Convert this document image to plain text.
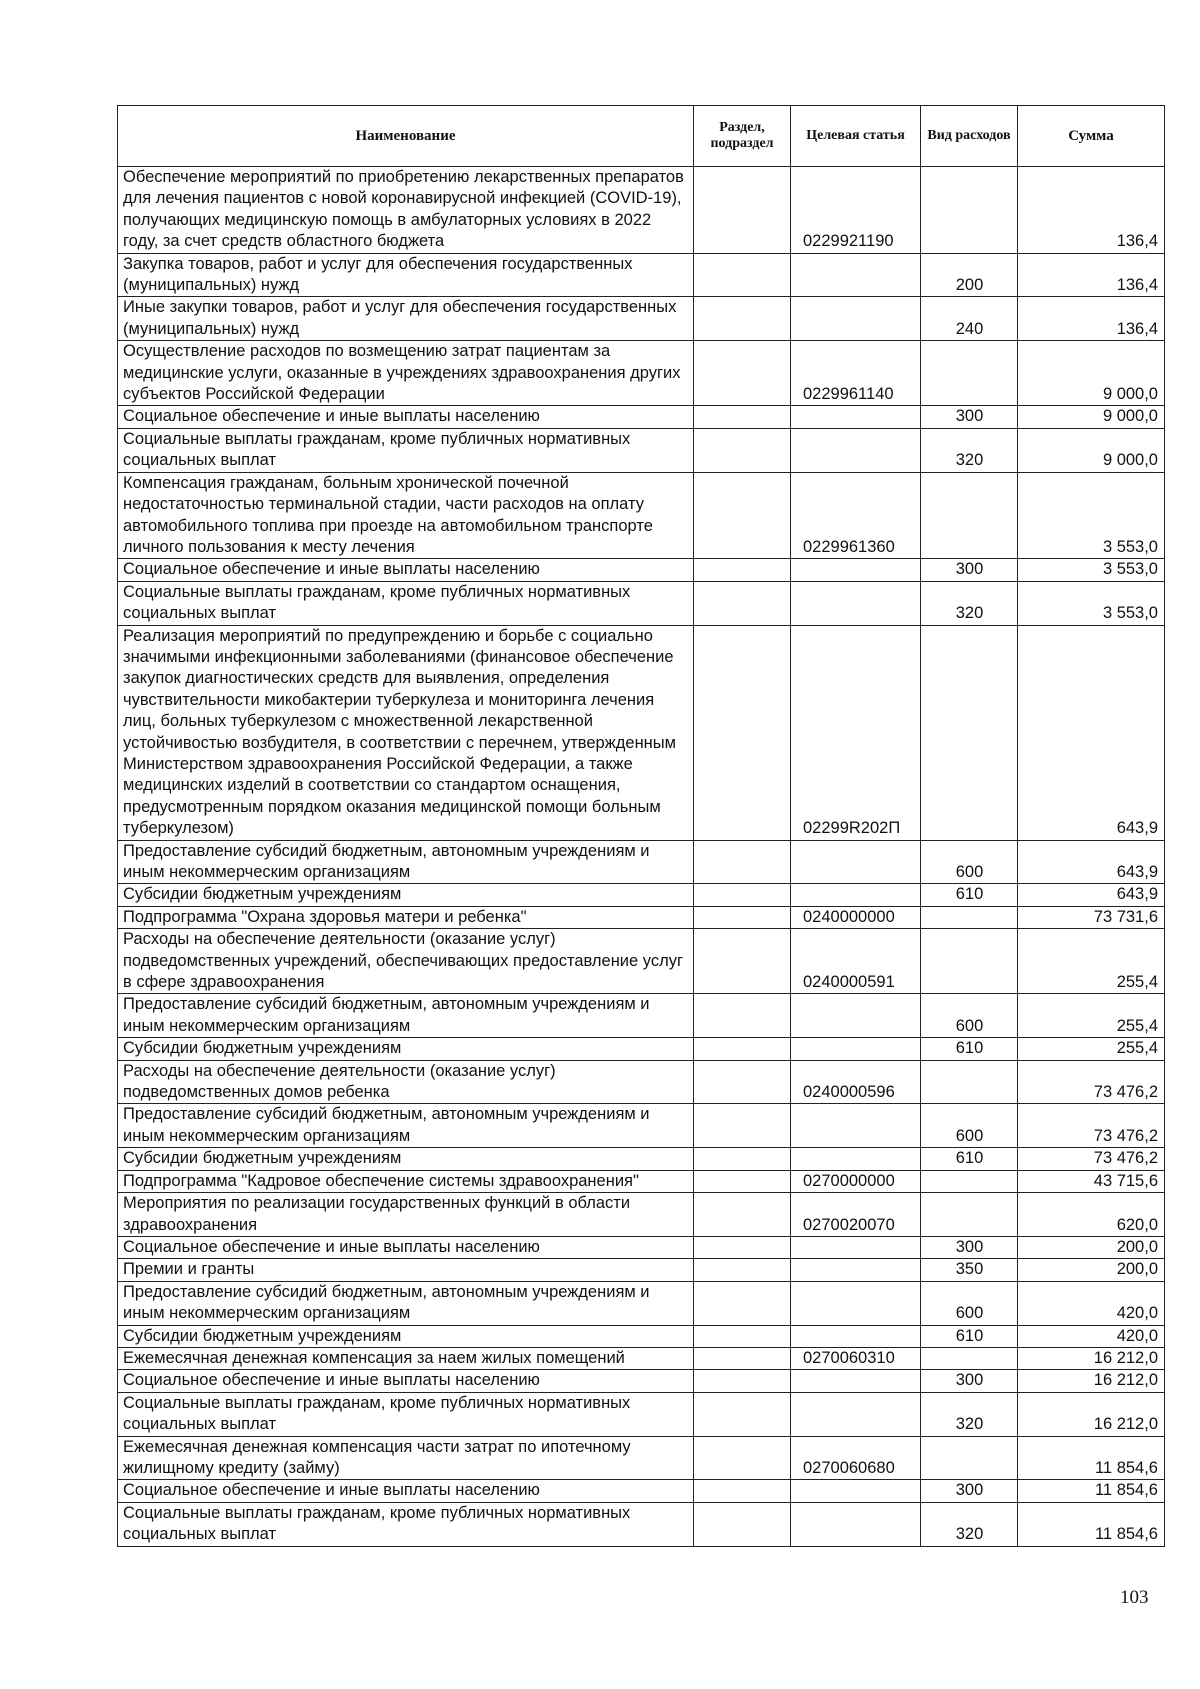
Наименование	Раздел, подраздел	Целевая статья	Вид расходов	Сумма
Обеспечение мероприятий по приобретению лекарственных препаратов для лечения пациентов с новой коронавирусной инфекцией (COVID-19), получающих медицинскую помощь в амбулаторных условиях в 2022 году, за счет средств областного бюджета		0229921190		136,4
Закупка товаров, работ и услуг для обеспечения государственных (муниципальных) нужд			200	136,4
Иные закупки товаров, работ и услуг для обеспечения государственных (муниципальных) нужд			240	136,4
Осуществление расходов по возмещению затрат пациентам за медицинские услуги, оказанные в учреждениях здравоохранения других субъектов Российской Федерации		0229961140		9 000,0
Социальное обеспечение и иные выплаты населению			300	9 000,0
Социальные выплаты гражданам, кроме публичных нормативных социальных выплат			320	9 000,0
Компенсация гражданам, больным хронической почечной недостаточностью терминальной стадии, части расходов на оплату автомобильного топлива при проезде на автомобильном транспорте личного пользования к месту лечения		0229961360		3 553,0
Социальное обеспечение и иные выплаты населению			300	3 553,0
Социальные выплаты гражданам, кроме публичных нормативных социальных выплат			320	3 553,0
Реализация мероприятий по предупреждению и борьбе с социально значимыми инфекционными заболеваниями (финансовое обеспечение закупок диагностических средств для выявления, определения чувствительности микобактерии туберкулеза и мониторинга лечения лиц, больных туберкулезом с множественной лекарственной устойчивостью возбудителя, в соответствии с перечнем, утвержденным Министерством здравоохранения Российской Федерации, а также медицинских изделий в соответствии со стандартом оснащения, предусмотренным порядком оказания медицинской помощи больным туберкулезом)		02299R202П		643,9
Предоставление субсидий бюджетным, автономным учреждениям и иным некоммерческим организациям			600	643,9
Субсидии бюджетным учреждениям			610	643,9
Подпрограмма "Охрана здоровья матери и ребенка"		0240000000		73 731,6
Расходы на обеспечение деятельности (оказание услуг) подведомственных учреждений, обеспечивающих предоставление услуг в сфере здравоохранения		0240000591		255,4
Предоставление субсидий бюджетным, автономным учреждениям и иным некоммерческим организациям			600	255,4
Субсидии бюджетным учреждениям			610	255,4
Расходы на обеспечение деятельности (оказание услуг) подведомственных домов ребенка		0240000596		73 476,2
Предоставление субсидий бюджетным, автономным учреждениям и иным некоммерческим организациям			600	73 476,2
Субсидии бюджетным учреждениям			610	73 476,2
Подпрограмма "Кадровое обеспечение системы здравоохранения"		0270000000		43 715,6
Мероприятия по реализации государственных функций в области здравоохранения		0270020070		620,0
Социальное обеспечение и иные выплаты населению			300	200,0
Премии и гранты			350	200,0
Предоставление субсидий бюджетным, автономным учреждениям и иным некоммерческим организациям			600	420,0
Субсидии бюджетным учреждениям			610	420,0
Ежемесячная денежная компенсация за наем жилых помещений		0270060310		16 212,0
Социальное обеспечение и иные выплаты населению			300	16 212,0
Социальные выплаты гражданам, кроме публичных нормативных социальных выплат			320	16 212,0
Ежемесячная денежная компенсация части затрат по ипотечному жилищному кредиту (займу)		0270060680		11 854,6
Социальное обеспечение и иные выплаты населению			300	11 854,6
Социальные выплаты гражданам, кроме публичных нормативных социальных выплат			320	11 854,6
103
